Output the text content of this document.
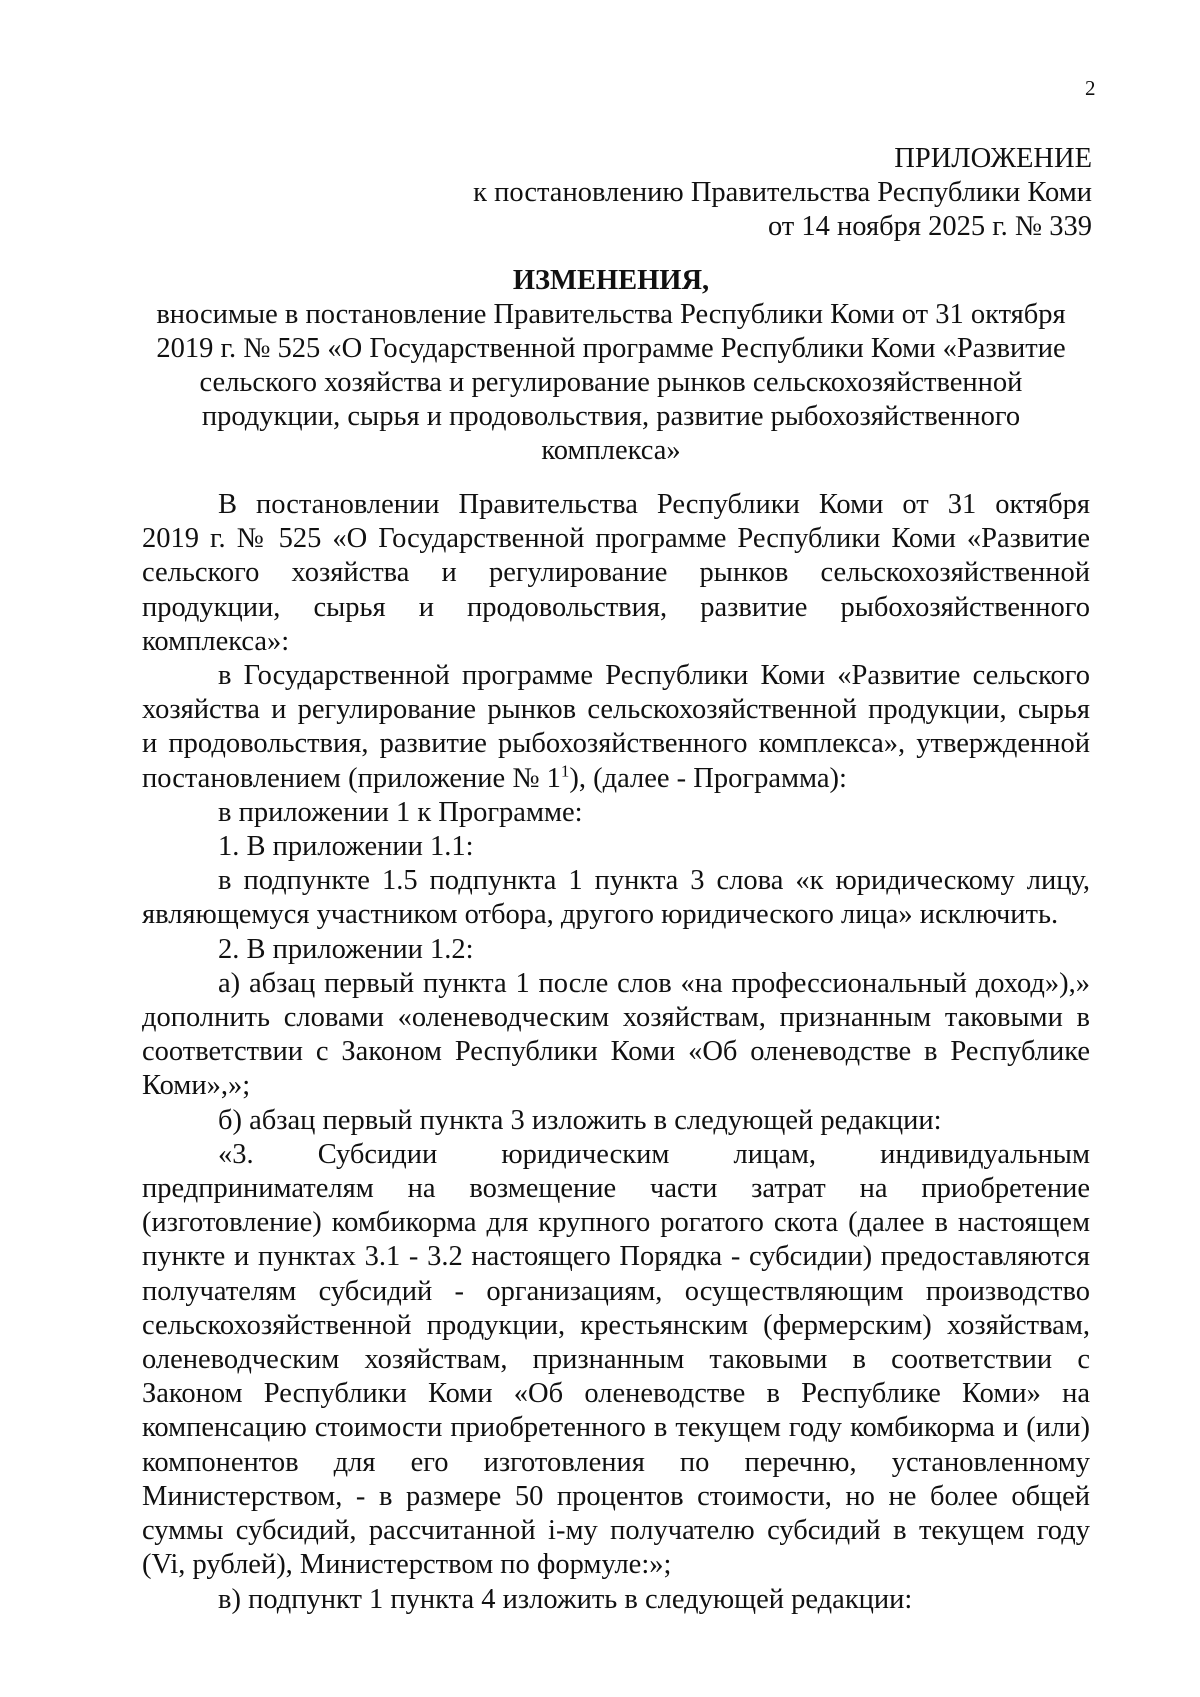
2
ПРИЛОЖЕНИЕ
к постановлению Правительства Республики Коми
от 14 ноября 2025 г. № 339
ИЗМЕНЕНИЯ,
вносимые в постановление Правительства Республики Коми от 31 октября
2019 г. № 525 «О Государственной программе Республики Коми «Развитие
сельского хозяйства и регулирование рынков сельскохозяйственной
продукции, сырья и продовольствия, развитие рыбохозяйственного
комплекса»
В постановлении Правительства Республики Коми от 31 октября
2019 г. № 525 «О Государственной программе Республики Коми «Развитие
сельского хозяйства и регулирование рынков сельскохозяйственной
продукции, сырья и продовольствия, развитие рыбохозяйственного
комплекса»:
в Государственной программе Республики Коми «Развитие сельского
хозяйства и регулирование рынков сельскохозяйственной продукции, сырья
и продовольствия, развитие рыбохозяйственного комплекса», утвержденной
постановлением (приложение № $1^1$), (далее - Программа):
в приложении 1 к Программе:
1. В приложении 1.1:
в подпункте 1.5 подпункта 1 пункта 3 слова «к юридическому лицу,
являющемуся участником отбора, другого юридического лица» исключить.
2. В приложении 1.2:
а) абзац первый пункта 1 после слов «на профессиональный доход»),»
дополнить словами «оленеводческим хозяйствам, признанным таковыми в
соответствии с Законом Республики Коми «Об оленеводстве в Республике
Коми»,»;
б) абзац первый пункта 3 изложить в следующей редакции:
«3. Субсидии юридическим лицам, индивидуальным
предпринимателям на возмещение части затрат на приобретение
(изготовление) комбикорма для крупного рогатого скота (далее в настоящем
пункте и пунктах 3.1 - 3.2 настоящего Порядка - субсидии) предоставляются
получателям субсидий - организациям, осуществляющим производство
сельскохозяйственной продукции, крестьянским (фермерским) хозяйствам,
оленеводческим хозяйствам, признанным таковыми в соответствии с
Законом Республики Коми «Об оленеводстве в Республике Коми» на
компенсацию стоимости приобретенного в текущем году комбикорма и (или)
компонентов для его изготовления по перечню, установленному
Министерством, - в размере 50 процентов стоимости, но не более общей
суммы субсидий, рассчитанной i-му получателю субсидий в текущем году
(Vi, рублей), Министерством по формуле:»;
в) подпункт 1 пункта 4 изложить в следующей редакции:
